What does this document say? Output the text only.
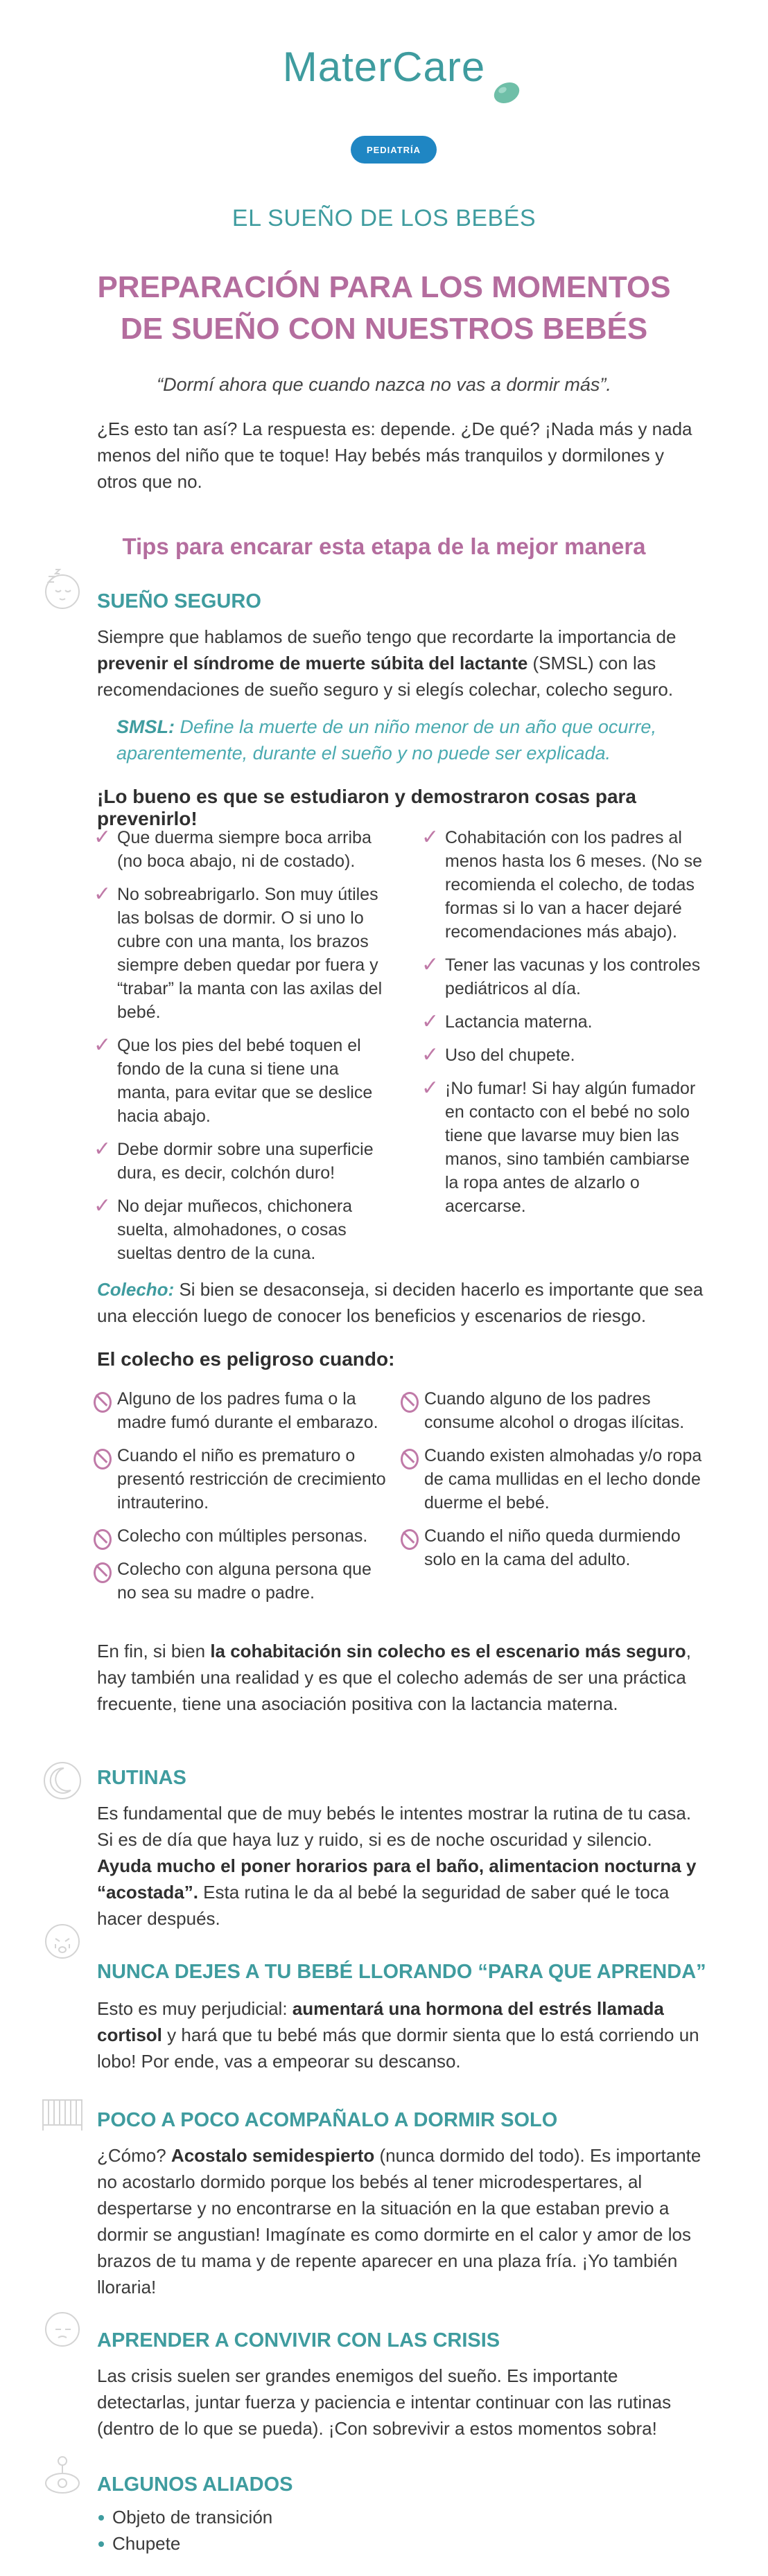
MaterCare
PEDIATRÍA
EL SUEÑO DE LOS BEBÉS
PREPARACIÓN PARA LOS MOMENTOS
DE SUEÑO CON NUESTROS BEBÉS
“Dormí ahora que cuando nazca no vas a dormir más”.
¿Es esto tan así? La respuesta es: depende. ¿De qué? ¡Nada más y nada menos del niño que te toque! Hay bebés más tranquilos y dormilones y otros que no.
Tips para encarar esta etapa de la mejor manera
SUEÑO SEGURO
Siempre que hablamos de sueño tengo que recordarte la importancia de prevenir el síndrome de muerte súbita del lactante (SMSL) con las recomendaciones de sueño seguro y si elegís colechar, colecho seguro.
SMSL: Define la muerte de un niño menor de un año que ocurre, aparentemente, durante el sueño y no puede ser explicada.
¡Lo bueno es que se estudiaron y demostraron cosas para prevenirlo!
✓ Que duerma siempre boca arriba (no boca abajo, ni de costado).
✓ No sobreabrigarlo. Son muy útiles las bolsas de dormir. O si uno lo cubre con una manta, los brazos siempre deben quedar por fuera y “trabar” la manta con las axilas del bebé.
✓ Que los pies del bebé toquen el fondo de la cuna si tiene una manta, para evitar que se deslice hacia abajo.
✓ Debe dormir sobre una superficie dura, es decir, colchón duro!
✓ No dejar muñecos, chichonera suelta, almohadones, o cosas sueltas dentro de la cuna.
✓ Cohabitación con los padres al menos hasta los 6 meses. (No se recomienda el colecho, de todas formas si lo van a hacer dejaré recomendaciones más abajo).
✓ Tener las vacunas y los controles pediátricos al día.
✓ Lactancia materna.
✓ Uso del chupete.
✓ ¡No fumar! Si hay algún fumador en contacto con el bebé no solo tiene que lavarse muy bien las manos, sino también cambiarse la ropa antes de alzarlo o acercarse.
Colecho: Si bien se desaconseja, si deciden hacerlo es importante que sea una elección luego de conocer los beneficios y escenarios de riesgo.
El colecho es peligroso cuando:
Alguno de los padres fuma o la madre fumó durante el embarazo.
Cuando el niño es prematuro o presentó restricción de crecimiento intrauterino.
Colecho con múltiples personas.
Colecho con alguna persona que no sea su madre o padre.
Cuando alguno de los padres consume alcohol o drogas ilícitas.
Cuando existen almohadas y/o ropa de cama mullidas en el lecho donde duerme el bebé.
Cuando el niño queda durmiendo solo en la cama del adulto.
En fin, si bien la cohabitación sin colecho es el escenario más seguro, hay también una realidad y es que el colecho además de ser una práctica frecuente, tiene una asociación positiva con la lactancia materna.
RUTINAS
Es fundamental que de muy bebés le intentes mostrar la rutina de tu casa. Si es de día que haya luz y ruido, si es de noche oscuridad y silencio. Ayuda mucho el poner horarios para el baño, alimentacion nocturna y “acostada”. Esta rutina le da al bebé la seguridad de saber qué le toca hacer después.
NUNCA DEJES A TU BEBÉ LLORANDO “PARA QUE APRENDA”
Esto es muy perjudicial: aumentará una hormona del estrés llamada cortisol y hará que tu bebé más que dormir sienta que lo está corriendo un lobo! Por ende, vas a empeorar su descanso.
POCO A POCO ACOMPAÑALO A DORMIR SOLO
¿Cómo? Acostalo semidespierto (nunca dormido del todo). Es importante no acostarlo dormido porque los bebés al tener microdespertares, al despertarse y no encontrarse en la situación en la que estaban previo a dormir se angustian! Imagínate es como dormirte en el calor y amor de los brazos de tu mama y de repente aparecer en una plaza fría. ¡Yo también lloraria!
APRENDER A CONVIVIR CON LAS CRISIS
Las crisis suelen ser grandes enemigos del sueño. Es importante detectarlas, juntar fuerza y paciencia e intentar continuar con las rutinas (dentro de lo que se pueda). ¡Con sobrevivir a estos momentos sobra!
ALGUNOS ALIADOS
Objeto de transición
Chupete
